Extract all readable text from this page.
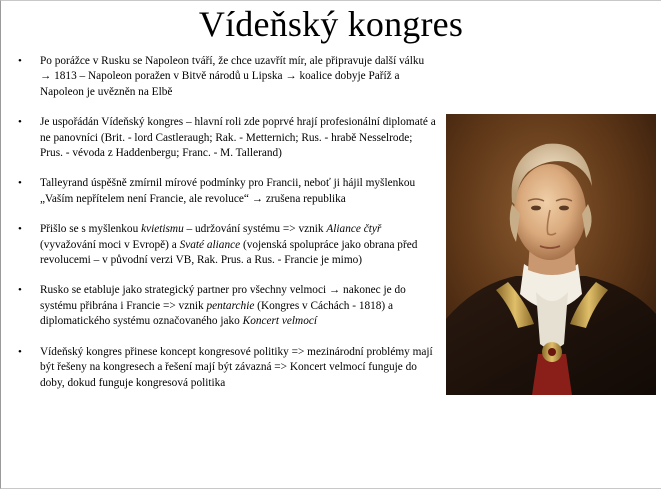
Vídeňský kongres
• Po porážce v Rusku se Napoleon tváří, že chce uzavřít mír, ale připravuje další válku → 1813 – Napoleon poražen v Bitvě národů u Lipska → koalice dobyje Paříž a Napoleon je uvězněn na Elbě
• Je uspořádán Vídeňský kongres – hlavní roli zde poprvé hrají profesionální diplomaté a ne panovníci (Brit. - lord Castleraugh; Rak. - Metternich; Rus. - hrabě Nesselrode; Prus. - vévoda z Haddenbergu; Franc. - M. Tallerand)
• Talleyrand úspěšně zmírnil mírové podmínky pro Francii, neboť ji hájil myšlenkou „Vaším nepřítelem není Francie, ale revoluce“ → zrušena republika
• Přišlo se s myšlenkou kvietismu – udržování systému => vznik Aliance čtyř (vyvažování moci v Evropě) a Svaté aliance (vojenská spolupráce jako obrana před revolucemi – v původní verzi VB, Rak. Prus. a Rus. - Francie je mimo)
• Rusko se etabluje jako strategický partner pro všechny velmoci → nakonec je do systému přibrána i Francie => vznik pentarchie (Kongres v Cáchách - 1818) a diplomatického systému označovaného jako Koncert velmocí
• Vídeňský kongres přinese koncept kongresové politiky => mezinárodní problémy mají být řešeny na kongresech a řešení mají být závazná => Koncert velmocí funguje do doby, dokud funguje kongresová politika
